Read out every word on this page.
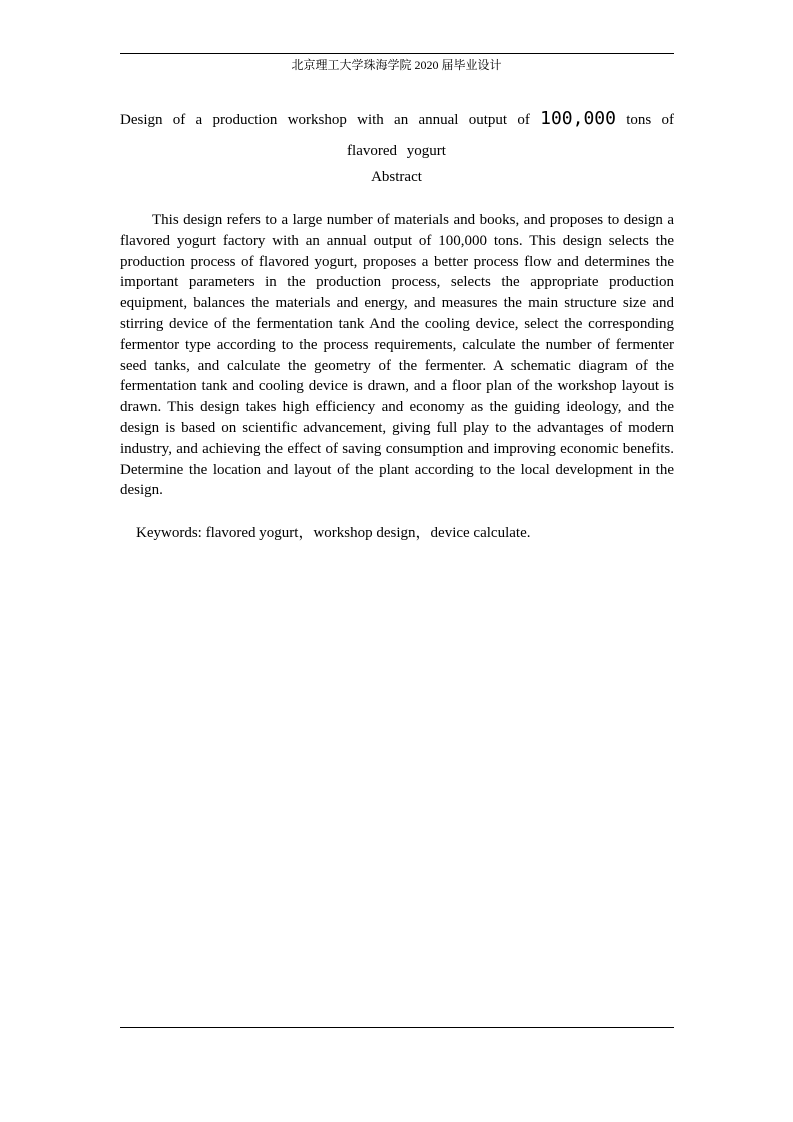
北京理工大学珠海学院 2020 届毕业设计
Design of a production workshop with an annual output of 100,000 tons of
flavored yogurt
Abstract

This design refers to a large number of materials and books, and proposes to design a flavored yogurt factory with an annual output of 100,000 tons. This design selects the production process of flavored yogurt, proposes a better process flow and determines the important parameters in the production process, selects the appropriate production equipment, balances the materials and energy, and measures the main structure size and stirring device of the fermentation tank And the cooling device, select the corresponding fermentor type according to the process requirements, calculate the number of fermenter seed tanks, and calculate the geometry of the fermenter. A schematic diagram of the fermentation tank and cooling device is drawn, and a floor plan of the workshop layout is drawn. This design takes high efficiency and economy as the guiding ideology, and the design is based on scientific advancement, giving full play to the advantages of modern industry, and achieving the effect of saving consumption and improving economic benefits. Determine the location and layout of the plant according to the local development in the design.

Keywords: flavored yogurt，workshop design，device calculate.
